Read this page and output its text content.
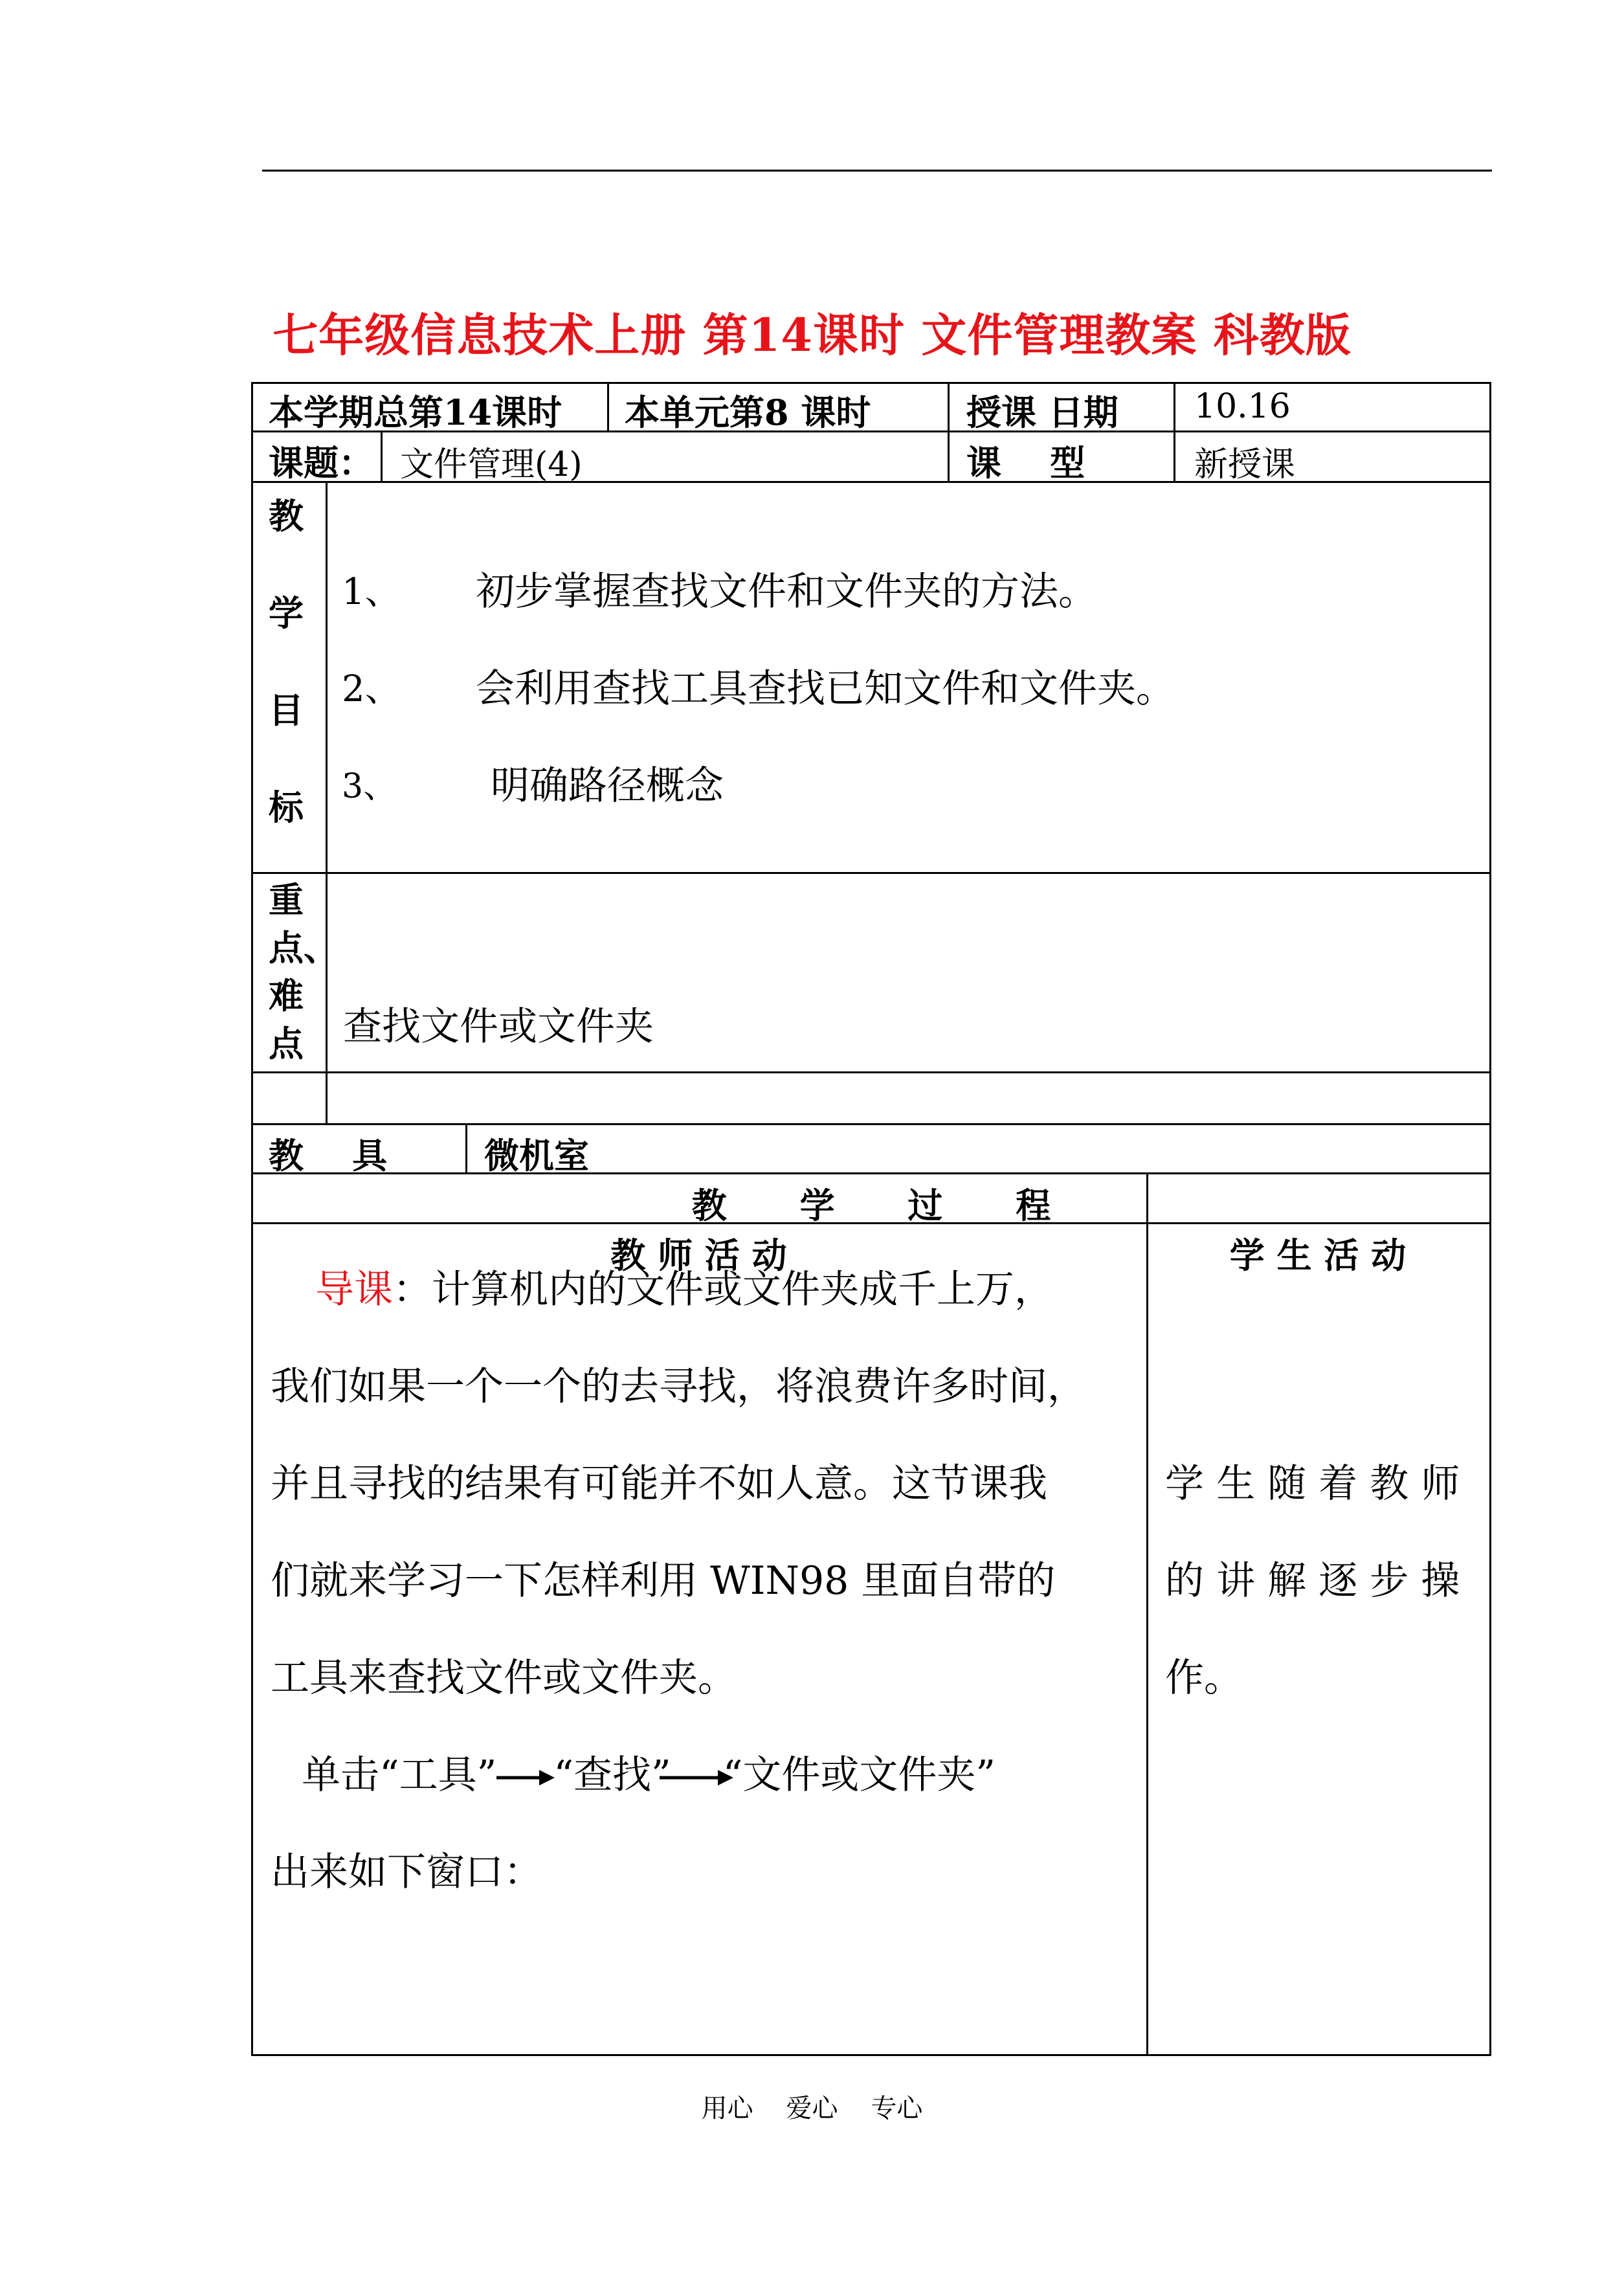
七年级信息技术上册 第14课时 文件管理教案 科教版
本学期总第14课时 本单元第8 课时	授课 日期 10.16
课题： 文件管理(4)	课    型	新授课
教
学
目
标
1、 初步掌握查找文件和文件夹的方法。
2、 会利用查找工具查找已知文件和文件夹。
3、 明确路径概念
重
点、
难
点 查找文件或文件夹
教    具	微机室
教      学      过      程
教 师 活 动	学 生 活 动
导课：计算机内的文件或文件夹成千上万，
我们如果一个一个的去寻找，将浪费许多时间，
并且寻找的结果有可能并不如人意。这节课我
们就来学习一下怎样利用 WIN98 里面自带的
工具来查找文件或文件夹。
单击“工具” “查找” “文件或文件夹”
出来如下窗口：
学 生 随 着 教 师
的 讲 解 逐 步 操
作。
用心    爱心    专心
